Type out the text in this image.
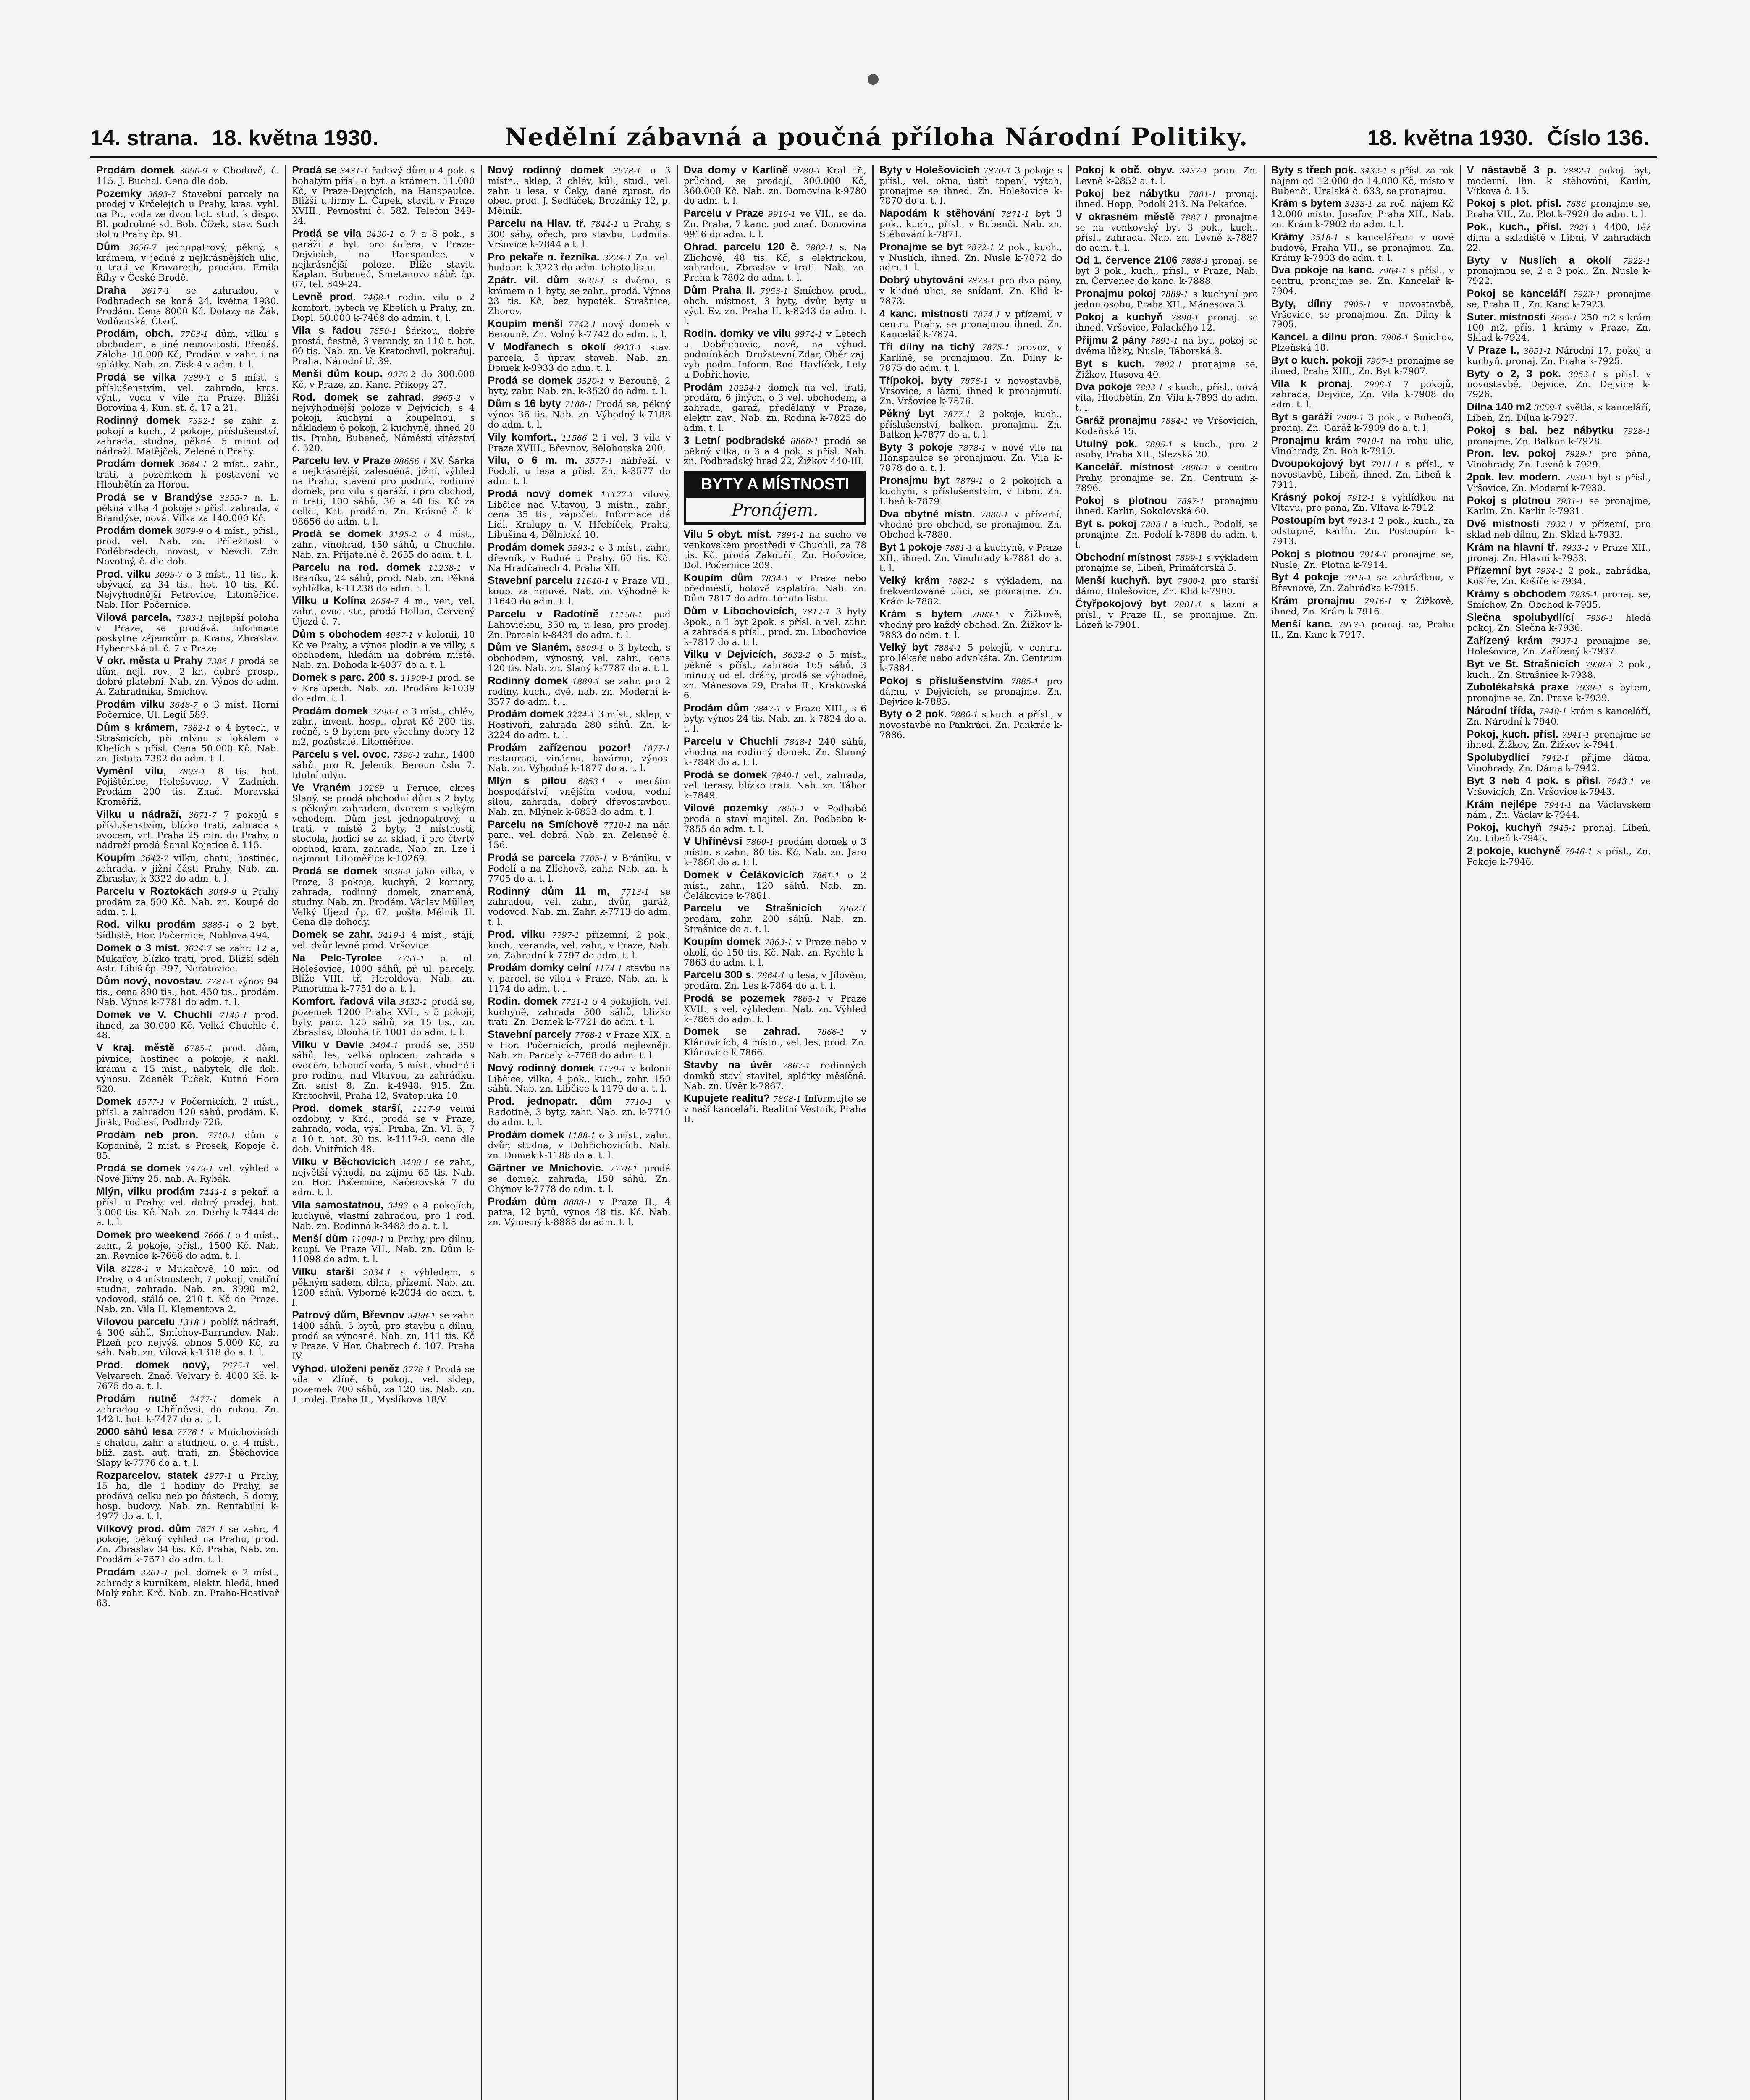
14. strana. 18. května 1930.	Nedělní zábavná a poučná příloha Národní Politiky.	18. května 1930. Číslo 136.

Prodám domek 3090-9 v Chodově, č. 115. J. Buchal. Cena dle dob.

Pozemky 3693-7 Stavební parcely na prodej v Krčelejích u Prahy, kras. vyhl. na Pr., voda ze dvou hot. stud. k dispo. Bl. podrobné sd. Bob. Čížek, stav. Such dol u Prahy čp. 91.

Dům 3656-7 jednopatrový, pěkný, s krámem, v jedné z nejkrásnějších ulic, u trati ve Kravarech, prodám. Emila Říhy v České Brodě.

Draha 3617-1 se zahradou, v Podbradech se koná 24. května 1930. Prodám. Cena 8000 Kč. Dotazy na Žák, Vodňanská, Čtvrť.

Prodám, obch. 7763-1 dům, vilku s obchodem, a jiné nemovitosti. Přenáš. Záloha 10.000 Kč, Prodám v zahr. i na splátky. Nab. zn. Zisk 4 v adm. t. l.

Prodá se vilka 7389-1 o 5 míst. s příslušenstvím, vel. zahrada, kras. výhl., voda v vile na Praze. Bližší Borovina 4, Kun. st. č. 17 a 21.

Rodinný domek 7392-1 se zahr. z. pokojí a kuch., 2 pokoje, příslušenství, zahrada, studna, pěkná. 5 minut od nádraží. Matějček, Zelené u Prahy.

Prodám domek 3684-1 2 míst., zahr., trati, a pozemkem k postavení ve Hloubětín za Horou.

Prodá se v Brandýse 3355-7 n. L. pěkná vilka 4 pokoje s přísl. zahrada, v Brandýse, nová. Vilka za 140.000 Kč.

Prodám domek 3079-9 o 4 míst., přísl., prod. vel. Nab. zn. Příležitost v Poděbradech, novost, v Nevcli. Zdr. Novotný, č. dle dob.

Prod. vilku 3095-7 o 3 míst., 11 tis., k. obývací, za 34 tis., hot. 10 tis. Kč. Nejvýhodnější Petrovice, Litoměřice. Nab. Hor. Počernice.

Vilová parcela, 7383-1 nejlepší poloha v Praze, se prodává. Informace poskytne zájemcům p. Kraus, Zbraslav. Hybernská ul. č. 7 v Praze.

V okr. města u Prahy 7386-1 prodá se dům, nejl. rov., 2 kr., dobré prosp., dobré platební. Nab. zn. Výnos do adm. A. Zahradníka, Smíchov.

Prodám vilku 3648-7 o 3 míst. Horní Počernice, Ul. Legií 589.

Dům s krámem, 7382-1 o 4 bytech, v Strašnicích, při mlýnu s lokálem v Kbelích s přísl. Cena 50.000 Kč. Nab. zn. Jistota 7382 do adm. t. l.

Vymění vilu, 7893-1 8 tis. hot. Pojištěnice, Holešovice, V Zadních. Prodám 200 tis. Znač. Moravská Kroměříž.

Vilku u nádraží, 3671-7 7 pokojů s příslušenstvím, blízko trati, zahrada s ovocem, vrt. Praha 25 min. do Prahy, u nádraží prodá Šanal Kojetice č. 115.

Koupím 3642-7 vilku, chatu, hostinec, zahrada, v jižní části Prahy, Nab. zn. Zbraslav, k-3322 do adm. t. l.

Parcelu v Roztokách 3049-9 u Prahy prodám za 500 Kč. Nab. zn. Koupě do adm. t. l.

Rod. vilku prodám 3885-1 o 2 byt. Sídliště, Hor. Počernice, Nohlova 494.

Domek o 3 míst. 3624-7 se zahr. 12 a, Mukařov, blízko trati, prod. Bližší sdělí Astr. Libiš čp. 297, Neratovice.

Dům nový, novostav. 7781-1 výnos 94 tis., cena 890 tis., hot. 450 tis., prodám. Nab. Výnos k-7781 do adm. t. l.

Domek ve V. Chuchli 7149-1 prod. ihned, za 30.000 Kč. Velká Chuchle č. 48.

V kraj. městě 6785-1 prod. dům, pivnice, hostinec a pokoje, k nakl. krámu a 15 míst., nábytek, dle dob. výnosu. Zdeněk Tuček, Kutná Hora 520.

Domek 4577-1 v Počernicích, 2 míst., přísl. a zahradou 120 sáhů, prodám. K. Jirák, Podlesí, Podbrdy 726.

Prodám neb pron. 7710-1 dům v Kopanině, 2 míst. s Prosek, Kopoje č. 85.

Prodá se domek 7479-1 vel. výhled v Nové Jiřny 25. nab. A. Rybák.

Mlýn, vilku prodám 7444-1 s pekař. a přísl. u Prahy, vel. dobrý prodej, hot. 3.000 tis. Kč. Nab. zn. Derby k-7444 do a. t. l.

Domek pro weekend 7666-1 o 4 míst., zahr., 2 pokoje, přísl., 1500 Kč. Nab. zn. Revnice k-7666 do adm. t. l.

Vila 8128-1 v Mukařově, 10 min. od Prahy, o 4 místnostech, 7 pokojí, vnitřní studna, zahrada. Nab. zn. 3990 m2, vodovod, stálá ce. 210 t. Kč do Praze. Nab. zn. Vila II. Klementova 2.

Vilovou parcelu 1318-1 poblíž nádraží, 4 300 sáhů, Smíchov-Barrandov. Nab. Plzeň pro nejvýš. obnos 5.000 Kč, za sáh. Nab. zn. Vilová k-1318 do a. t. l.

Prod. domek nový, 7675-1 vel. Velvarech. Znač. Velvary č. 4000 Kč. k-7675 do a. t. l.

Prodám nutně 7477-1 domek a zahradou v Uhříněvsi, do rukou. Zn. 142 t. hot. k-7477 do a. t. l.

2000 sáhů lesa 7776-1 v Mnichovicích s chatou, zahr. a studnou, o. c. 4 míst., bliž. zast. aut. trati, zn. Štěchovice Slapy k-7776 do a. t. l.

Rozparcelov. statek 4977-1 u Prahy, 15 ha, dle 1 hodiny do Prahy, se prodává celku neb po částech, 3 domy, hosp. budovy, Nab. zn. Rentabilní k-4977 do a. t. l.

Vilkový prod. dům 7671-1 se zahr., 4 pokoje, pěkný výhled na Prahu, prod. Zn. Zbraslav 34 tis. Kč. Praha, Nab. zn. Prodám k-7671 do adm. t. l.

Prodám 3201-1 pol. domek o 2 míst., zahrady s kurníkem, elektr. hledá, hned Malý zahr. Krč. Nab. zn. Praha-Hostivař 63.

Prodá se 3431-1 řadový dům o 4 pok. s bohatým přísl. a byt. a krámem, 11.000 Kč, v Praze-Dejvicích, na Hanspaulce. Bližší u firmy L. Čapek, stavit. v Praze XVIII., Pevnostní č. 582. Telefon 349-24.

Prodá se vila 3430-1 o 7 a 8 pok., s garáží a byt. pro šofera, v Praze-Dejvicích, na Hanspaulce, v nejkrásnější poloze. Blíže stavit. Kaplan, Bubeneč, Smetanovo nábř. čp. 67, tel. 349-24.

Levně prod. 7468-1 rodin. vilu o 2 komfort. bytech ve Kbelích u Prahy, zn. Dopl. 50.000 k-7468 do admin. t. l.

Vila s řadou 7650-1 Šárkou, dobře prostá, čestně, 3 verandy, za 110 t. hot. 60 tis. Nab. zn. Ve Kratochvíl, pokračuj. Praha, Národní tř. 39.

Menší dům koup. 9970-2 do 300.000 Kč, v Praze, zn. Kanc. Příkopy 27.

Rod. domek se zahrad. 9965-2 v nejvýhodnější poloze v Dejvicích, s 4 pokoji, kuchyní a koupelnou, s nákladem 6 pokojí, 2 kuchyně, ihned 20 tis. Praha, Bubeneč, Náměstí vítězství č. 520.

Parcelu lev. v Praze 98656-1 XV. Šárka a nejkrásnější, zalesněná, jižní, výhled na Prahu, stavení pro podnik, rodinný domek, pro vilu s garáží, i pro obchod, u trati, 100 sáhů, 30 a 40 tis. Kč za celku, Kat. prodám. Zn. Krásné č. k-98656 do adm. t. l.

Prodá se domek 3195-2 o 4 míst., zahr., vinohrad, 150 sáhů, u Chuchle. Nab. zn. Přijatelné č. 2655 do adm. t. l.

Parcelu na rod. domek 11238-1 v Braníku, 24 sáhů, prod. Nab. zn. Pěkná vyhlídka, k-11238 do adm. t. l.

Vilku u Kolína 2054-7 4 m., ver., vel. zahr., ovoc. str., prodá Hollan, Červený Újezd č. 7.

Dům s obchodem 4037-1 v kolonii, 10 Kč ve Prahy, a výnos plodin a ve vilky, s obchodem, hledám na dobrém místě. Nab. zn. Dohoda k-4037 do a. t. l.

Domek s parc. 200 s. 11909-1 prod. se v Kralupech. Nab. zn. Prodám k-1039 do adm. t. l.

Prodám domek 3298-1 o 3 míst., chlév, zahr., invent. hosp., obrat Kč 200 tis. ročně, s 9 bytem pro všechny dobry 12 m2, pozůstalé. Litoměřice.

Parcelu s vel. ovoc. 7396-1 zahr., 1400 sáhů, pro R. Jeleník, Beroun čslo 7. Idolní mlýn.

Ve Vraném 10269 u Peruce, okres Slaný, se prodá obchodní dům s 2 byty, s pěkným zahradem, dvorem s velkým vchodem. Dům jest jednopatrový, u trati, v místě 2 byty, 3 místnosti, stodola, hodicí se za sklad, i pro čtvrtý obchod, krám, zahrada. Nab. zn. Lze i najmout. Litoměřice k-10269.

Prodá se domek 3036-9 jako vilka, v Praze, 3 pokoje, kuchyň, 2 komory, zahrada, rodinný domek, znamená, studny. Nab. zn. Prodám. Václav Müller, Velký Újezd čp. 67, pošta Mělník II. Cena dle dohody.

Domek se zahr. 3419-1 4 míst., stájí, vel. dvůr levně prod. Vršovice.

Na Pelc-Tyrolce 7751-1 p. ul. Holešovice, 1000 sáhů, př. ul. parcely. Blíže VIII. tř. Heroldova. Nab. zn. Panorama k-7751 do a. t. l.

Komfort. řadová vila 3432-1 prodá se, pozemek 1200 Praha XVI., s 5 pokoji, byty, parc. 125 sáhů, za 15 tis., zn. Zbraslav, Dlouhá tř. 1001 do adm. t. l.

Vilku v Davle 3494-1 prodá se, 350 sáhů, les, velká oplocen. zahrada s ovocem, tekoucí voda, 5 míst., vhodné i pro rodinu, nad Vltavou, za zahrádku. Zn. sníst 8, Zn. k-4948, 915. Žn. Kratochvil, Praha 12, Svatopluka 10.

Prod. domek starší, 1117-9 velmi ozdobný, v Krč., prodá se v Praze, zahrada, voda, výsl. Praha, Zn. Vl. 5, 7 a 10 t. hot. 30 tis. k-1117-9, cena dle dob. Vnitřních 48.

Vilku v Běchovicích 3499-1 se zahr., největší výhodí, na zájmu 65 tis. Nab. zn. Hor. Počernice, Kačerovská 7 do adm. t. l.

Vila samostatnou, 3483 o 4 pokojích, kuchyně, vlastní zahradou, pro 1 rod. Nab. zn. Rodinná k-3483 do a. t. l.

Menší dům 11098-1 u Prahy, pro dílnu, koupí. Ve Praze VII., Nab. zn. Dům k-11098 do adm. t. l.

Vilku starší 2034-1 s výhledem, s pěkným sadem, dílna, přízemí. Nab. zn. 1200 sáhů. Výborné k-2034 do adm. t. l.

Patrový dům, Břevnov 3498-1 se zahr. 1400 sáhů. 5 bytů, pro stavbu a dílnu, prodá se výnosné. Nab. zn. 111 tis. Kč v Praze. V Hor. Chabrech č. 107. Praha IV.

Výhod. uložení peněz 3778-1 Prodá se vila v Zlíně, 6 pokoj., vel. sklep, pozemek 700 sáhů, za 120 tis. Nab. zn. 1 trolej. Praha II., Myslíkova 18/V.

Nový rodinný domek 3578-1 o 3 místn., sklep, 3 chlév, kůl., stud., vel. zahr. u lesa, v Čeky, dané zprost. do obec. prod. J. Sedláček, Brozánky 12, p. Mělník.

Parcelu na Hlav. tř. 7844-1 u Prahy, s 300 sáhy, ořech, pro stavbu, Ludmila. Vršovice k-7844 a t. l.

Pro pekaře n. řezníka. 3224-1 Zn. vel. budouc. k-3223 do adm. tohoto listu.

Zpátr. vil. dům 3620-1 s dvěma, s krámem a 1 byty, se zahr., prodá. Výnos 23 tis. Kč, bez hypoték. Strašnice, Zborov.

Koupím menší 7742-1 nový domek v Berouně. Zn. Volný k-7742 do adm. t. l.

V Modřanech s okolí 9933-1 stav. parcela, 5 úprav. staveb. Nab. zn. Domek k-9933 do adm. t. l.

Prodá se domek 3520-1 v Berouně, 2 byty, zahr. Nab. zn. k-3520 do adm. t. l.

Dům s 16 byty 7188-1 Prodá se, pěkný výnos 36 tis. Nab. zn. Výhodný k-7188 do adm. t. l.

Vily komfort., 11566 2 i vel. 3 vila v Praze XVIII., Břevnov, Bělohorská 200.

Vilu, o 6 m. m. 3577-1 nábřeží, v Podolí, u lesa a přísl. Zn. k-3577 do adm. t. l.

Prodá nový domek 11177-1 vilový, Libčice nad Vltavou, 3 místn., zahr., cena 35 tis., zápočet. Informace dá Lidl. Kralupy n. V. Hřebíček, Praha, Libušina 4, Dělnická 10.

Prodám domek 5593-1 o 3 míst., zahr., dřevník, v Rudné u Prahy. 60 tis. Kč. Na Hradčanech 4. Praha XII.

Stavební parcelu 11640-1 v Praze VII., koup. za hotové. Nab. zn. Výhodně k-11640 do adm. t. l.

Parcelu v Radotíně 11150-1 pod Lahovickou, 350 m, u lesa, pro prodej. Zn. Parcela k-8431 do adm. t. l.

Dům ve Slaném, 8809-1 o 3 bytech, s obchodem, výnosný, vel. zahr., cena 120 tis. Nab. zn. Slaný k-7787 do a. t. l.

Rodinný domek 1889-1 se zahr. pro 2 rodiny, kuch., dvě, nab. zn. Moderní k-3577 do adm. t. l.

Prodám domek 3224-1 3 míst., sklep, v Hostivaři, zahrada 280 sáhů. Zn. k-3224 do adm. t. l.

Prodám zařízenou pozor! 1877-1 restauraci, vinárnu, kavárnu, výnos. Nab. zn. Výhodně k-1877 do a. t. l.

Mlýn s pilou 6853-1 v menším hospodářství, vnějším vodou, vodní silou, zahrada, dobrý dřevostavbou. Nab. zn. Mlýnek k-6853 do adm. t. l.

Parcelu na Smíchově 7710-1 na nár. parc., vel. dobrá. Nab. zn. Zeleneč č. 156.

Prodá se parcela 7705-1 v Bráníku, v Podolí a na Zlíchově, zahr. Nab. zn. k-7705 do a. t. l.

Rodinný dům 11 m, 7713-1 se zahradou, vel. zahr., dvůr, garáž, vodovod. Nab. zn. Zahr. k-7713 do adm. t. l.

Prod. vilku 7797-1 přízemní, 2 pok., kuch., veranda, vel. zahr., v Praze, Nab. zn. Zahradní k-7797 do adm. t. l.

Prodám domky celní 1174-1 stavbu na v. parcel. se vilou v Praze. Nab. zn. k-1174 do adm. t. l.

Rodin. domek 7721-1 o 4 pokojích, vel. kuchyně, zahrada 300 sáhů, blízko trati. Zn. Domek k-7721 do adm. t. l.

Stavební parcely 7768-1 v Praze XIX. a v Hor. Počernicích, prodá nejlevněji. Nab. zn. Parcely k-7768 do adm. t. l.

Nový rodinný domek 1179-1 v kolonii Libčice, vilka, 4 pok., kuch., zahr. 150 sáhů. Nab. zn. Libčice k-1179 do a. t. l.

Prod. jednopatr. dům 7710-1 v Radotíně, 3 byty, zahr. Nab. zn. k-7710 do adm. t. l.

Prodám domek 1188-1 o 3 míst., zahr., dvůr, studna, v Dobřichovicích. Nab. zn. Domek k-1188 do a. t. l.

Gärtner ve Mnichovic. 7778-1 prodá se domek, zahrada, 150 sáhů. Zn. Chýnov k-7778 do adm. t. l.

Prodám dům 8888-1 v Praze II., 4 patra, 12 bytů, výnos 48 tis. Kč. Nab. zn. Výnosný k-8888 do adm. t. l.

Dva domy v Karlíně 9780-1 Kral. tř., průchod, se prodají, 300.000 Kč, 360.000 Kč. Nab. zn. Domovina k-9780 do adm. t. l.

Parcelu v Praze 9916-1 ve VII., se dá. Zn. Praha, 7 kanc. pod znač. Domovina 9916 do adm. t. l.

Ohrad. parcelu 120 č. 7802-1 s. Na Zlíchově, 48 tis. Kč, s elektrickou, zahradou, Zbraslav v trati. Nab. zn. Praha k-7802 do adm. t. l.

Dům Praha II. 7953-1 Smíchov, prod., obch. místnost, 3 byty, dvůr, byty u výcl. Ev. zn. Praha II. k-8243 do adm. t. l.

Rodin. domky ve vilu 9974-1 v Letech u Dobřichovic, nové, na výhod. podmínkách. Družstevní Zdar, Oběr zaj. vyb. podm. Inform. Rod. Havlíček, Lety u Dobřichovic.

Prodám 10254-1 domek na vel. trati, prodám, 6 jiných, o 3 vel. obchodem, a zahrada, garáž, předělaný v Praze, elektr. zav., Nab. zn. Rodina k-7825 do adm. t. l.

3 Letní podbradské 8860-1 prodá se pěkný vilka, o 3 a 4 pok. s přísl. Nab. zn. Podbradský hrad 22, Žižkov 440-III.

BYTY A MÍSTNOSTI
Pronájem.

Vilu 5 obyt. míst. 7894-1 na sucho ve venkovském prostředí v Chuchli, za 78 tis. Kč, prodá Zakouřil, Zn. Hořovice, Dol. Počernice 209.

Koupím dům 7834-1 v Praze nebo předměstí, hotově zaplatím. Nab. zn. Dům 7817 do adm. tohoto listu.

Dům v Libochovicích, 7817-1 3 byty 3pok., a 1 byt 2pok. s přísl. a vel. zahr. a zahrada s přísl., prod. zn. Libochovice k-7817 do a. t. l.

Vilku v Dejvicích, 3632-2 o 5 míst., pěkně s přísl., zahrada 165 sáhů, 3 minuty od el. dráhy, prodá se výhodně, zn. Mánesova 29, Praha II., Krakovská 6.

Prodám dům 7847-1 v Praze XIII., s 6 byty, výnos 24 tis. Nab. zn. k-7824 do a. t. l.

Parcelu v Chuchli 7848-1 240 sáhů, vhodná na rodinný domek. Zn. Slunný k-7848 do a. t. l.

Prodá se domek 7849-1 vel., zahrada, vel. terasy, blízko trati. Nab. zn. Tábor k-7849.

Vilové pozemky 7855-1 v Podbabě prodá a staví majitel. Zn. Podbaba k-7855 do adm. t. l.

V Uhříněvsi 7860-1 prodám domek o 3 místn. s zahr., 80 tis. Kč. Nab. zn. Jaro k-7860 do a. t. l.

Domek v Čelákovicích 7861-1 o 2 míst., zahr., 120 sáhů. Nab. zn. Čelákovice k-7861.

Parcelu ve Strašnicích 7862-1 prodám, zahr. 200 sáhů. Nab. zn. Strašnice do a. t. l.

Koupím domek 7863-1 v Praze nebo v okolí, do 150 tis. Kč. Nab. zn. Rychle k-7863 do adm. t. l.

Parcelu 300 s. 7864-1 u lesa, v Jílovém, prodám. Zn. Les k-7864 do a. t. l.

Prodá se pozemek 7865-1 v Praze XVII., s vel. výhledem. Nab. zn. Výhled k-7865 do adm. t. l.

Domek se zahrad. 7866-1 v Klánovicích, 4 místn., vel. les, prod. Zn. Klánovice k-7866.

Stavby na úvěr 7867-1 rodinných domků staví stavitel, splátky měsíčně. Nab. zn. Úvěr k-7867.

Kupujete realitu? 7868-1 Informujte se v naší kanceláři. Realitní Věstník, Praha II.

Byty v Holešovicích 7870-1 3 pokoje s přísl., vel. okna, ústř. topení, výtah, pronajme se ihned. Zn. Holešovice k-7870 do a. t. l.

Napodám k stěhování 7871-1 byt 3 pok., kuch., přísl., v Bubenči. Nab. zn. Stěhování k-7871.

Pronajme se byt 7872-1 2 pok., kuch., v Nuslích, ihned. Zn. Nusle k-7872 do adm. t. l.

Dobrý ubytování 7873-1 pro dva pány, v klidné ulici, se snídaní. Zn. Klid k-7873.

4 kanc. místnosti 7874-1 v přízemí, v centru Prahy, se pronajmou ihned. Zn. Kancelář k-7874.

Tři dílny na tichý 7875-1 provoz, v Karlíně, se pronajmou. Zn. Dílny k-7875 do adm. t. l.

Třípokoj. byty 7876-1 v novostavbě, Vršovice, s lázní, ihned k pronajmutí. Zn. Vršovice k-7876.

Pěkný byt 7877-1 2 pokoje, kuch., příslušenství, balkon, pronajmu. Zn. Balkon k-7877 do a. t. l.

Byty 3 pokoje 7878-1 v nové vile na Hanspaulce se pronajmou. Zn. Vila k-7878 do a. t. l.

Pronajmu byt 7879-1 o 2 pokojích a kuchyni, s příslušenstvím, v Libni. Zn. Libeň k-7879.

Dva obytné místn. 7880-1 v přízemí, vhodné pro obchod, se pronajmou. Zn. Obchod k-7880.

Byt 1 pokoje 7881-1 a kuchyně, v Praze XII., ihned. Zn. Vinohrady k-7881 do a. t. l.

Velký krám 7882-1 s výkladem, na frekventované ulici, se pronajme. Zn. Krám k-7882.

Krám s bytem 7883-1 v Žižkově, vhodný pro každý obchod. Zn. Žižkov k-7883 do adm. t. l.

Velký byt 7884-1 5 pokojů, v centru, pro lékaře nebo advokáta. Zn. Centrum k-7884.

Pokoj s příslušenstvím 7885-1 pro dámu, v Dejvicích, se pronajme. Zn. Dejvice k-7885.

Byty o 2 pok. 7886-1 s kuch. a přísl., v novostavbě na Pankráci. Zn. Pankrác k-7886.

Pokoj k obč. obyv. 3437-1 pron. Zn. Levně k-2852 a. t. l.

Pokoj bez nábytku 7881-1 pronaj. ihned. Hopp, Podolí 213. Na Pekařce.

V okrasném městě 7887-1 pronajme se na venkovský byt 3 pok., kuch., přísl., zahrada. Nab. zn. Levně k-7887 do adm. t. l.

Od 1. července 2106 7888-1 pronaj. se byt 3 pok., kuch., přísl., v Praze, Nab. zn. Červenec do kanc. k-7888.

Pronajmu pokoj 7889-1 s kuchyní pro jednu osobu, Praha XII., Mánesova 3.

Pokoj a kuchyň 7890-1 pronaj. se ihned. Vršovice, Palackého 12.

Přijmu 2 pány 7891-1 na byt, pokoj se dvěma lůžky, Nusle, Táborská 8.

Byt s kuch. 7892-1 pronajme se, Žižkov, Husova 40.

Dva pokoje 7893-1 s kuch., přísl., nová vila, Hloubětín, Zn. Vila k-7893 do adm. t. l.

Garáž pronajmu 7894-1 ve Vršovicích, Kodaňská 15.

Utulný pok. 7895-1 s kuch., pro 2 osoby, Praha XII., Slezská 20.

Kancelář. místnost 7896-1 v centru Prahy, pronajme se. Zn. Centrum k-7896.

Pokoj s plotnou 7897-1 pronajmu ihned. Karlín, Sokolovská 60.

Byt s. pokoj 7898-1 a kuch., Podolí, se pronajme. Zn. Podolí k-7898 do adm. t. l.

Obchodní místnost 7899-1 s výkladem pronajme se, Libeň, Primátorská 5.

Menší kuchyň. byt 7900-1 pro starší dámu, Holešovice, Zn. Klid k-7900.

Čtyřpokojový byt 7901-1 s lázní a přísl., v Praze II., se pronajme. Zn. Lázeň k-7901.

Byty s třech pok. 3432-1 s přísl. za rok nájem od 12.000 do 14.000 Kč, místo v Bubenči, Uralská č. 633, se pronajmu.

Krám s bytem 3433-1 za roč. nájem Kč 12.000 místo, Josefov, Praha XII., Nab. zn. Krám k-7902 do adm. t. l.

Krámy 3518-1 s kancelářemi v nové budově, Praha VII., se pronajmou. Zn. Krámy k-7903 do adm. t. l.

Dva pokoje na kanc. 7904-1 s přísl., v centru, pronajme se. Zn. Kancelář k-7904.

Byty, dílny 7905-1 v novostavbě, Vršovice, se pronajmou. Zn. Dílny k-7905.

Kancel. a dílnu pron. 7906-1 Smíchov, Plzeňská 18.

Byt o kuch. pokoji 7907-1 pronajme se ihned, Praha XIII., Zn. Byt k-7907.

Vila k pronaj. 7908-1 7 pokojů, zahrada, Dejvice, Zn. Vila k-7908 do adm. t. l.

Byt s garáží 7909-1 3 pok., v Bubenči, pronaj. Zn. Garáž k-7909 do a. t. l.

Pronajmu krám 7910-1 na rohu ulic, Vinohrady, Zn. Roh k-7910.

Dvoupokojový byt 7911-1 s přísl., v novostavbě, Libeň, ihned. Zn. Libeň k-7911.

Krásný pokoj 7912-1 s vyhlídkou na Vltavu, pro pána, Zn. Vltava k-7912.

Postoupím byt 7913-1 2 pok., kuch., za odstupné, Karlín. Zn. Postoupím k-7913.

Pokoj s plotnou 7914-1 pronajme se, Nusle, Zn. Plotna k-7914.

Byt 4 pokoje 7915-1 se zahrádkou, v Břevnově, Zn. Zahrádka k-7915.

Krám pronajmu 7916-1 v Žižkově, ihned, Zn. Krám k-7916.

Menší kanc. 7917-1 pronaj. se, Praha II., Zn. Kanc k-7917.

V nástavbě 3 p. 7882-1 pokoj. byt, moderní, lhn. k stěhování, Karlín, Vítkova č. 15.

Pokoj s plot. přísl. 7686 pronajme se, Praha VII., Zn. Plot k-7920 do adm. t. l.

Pok., kuch., přísl. 7921-1 4400, též dílna a skladiště v Libni, V zahradách 22.

Byty v Nuslích a okolí 7922-1 pronajmou se, 2 a 3 pok., Zn. Nusle k-7922.

Pokoj se kanceláří 7923-1 pronajme se, Praha II., Zn. Kanc k-7923.

Suter. místnosti 3699-1 250 m2 s krám 100 m2, přís. 1 krámy v Praze, Zn. Sklad k-7924.

V Praze I., 3651-1 Národní 17, pokoj a kuchyň, pronaj. Zn. Praha k-7925.

Byty o 2, 3 pok. 3053-1 s přísl. v novostavbě, Dejvice, Zn. Dejvice k-7926.

Dílna 140 m2 3659-1 světlá, s kanceláří, Libeň, Zn. Dílna k-7927.

Pokoj s bal. bez nábytku 7928-1 pronajme, Zn. Balkon k-7928.

Pron. lev. pokoj 7929-1 pro pána, Vinohrady, Zn. Levně k-7929.

2pok. lev. modern. 7930-1 byt s přísl., Vršovice, Zn. Moderní k-7930.

Pokoj s plotnou 7931-1 se pronajme, Karlín, Zn. Karlín k-7931.

Dvě místnosti 7932-1 v přízemí, pro sklad neb dílnu, Zn. Sklad k-7932.

Krám na hlavní tř. 7933-1 v Praze XII., pronaj. Zn. Hlavní k-7933.

Přízemní byt 7934-1 2 pok., zahrádka, Košíře, Zn. Košíře k-7934.

Krámy s obchodem 7935-1 pronaj. se, Smíchov, Zn. Obchod k-7935.

Slečna spolubydlící 7936-1 hledá pokoj, Zn. Slečna k-7936.

Zařízený krám 7937-1 pronajme se, Holešovice, Zn. Zařízený k-7937.

Byt ve St. Strašnicích 7938-1 2 pok., kuch., Zn. Strašnice k-7938.

Zubolékařská praxe 7939-1 s bytem, pronajme se, Zn. Praxe k-7939.

Národní třída, 7940-1 krám s kanceláří, Zn. Národní k-7940.

Pokoj, kuch. přísl. 7941-1 pronajme se ihned, Žižkov, Zn. Žižkov k-7941.

Spolubydlící 7942-1 přijme dáma, Vinohrady, Zn. Dáma k-7942.

Byt 3 neb 4 pok. s přísl. 7943-1 ve Vršovicích, Zn. Vršovice k-7943.

Krám nejlépe 7944-1 na Václavském nám., Zn. Václav k-7944.

Pokoj, kuchyň 7945-1 pronaj. Libeň, Zn. Libeň k-7945.

2 pokoje, kuchyně 7946-1 s přísl., Zn. Pokoje k-7946.
